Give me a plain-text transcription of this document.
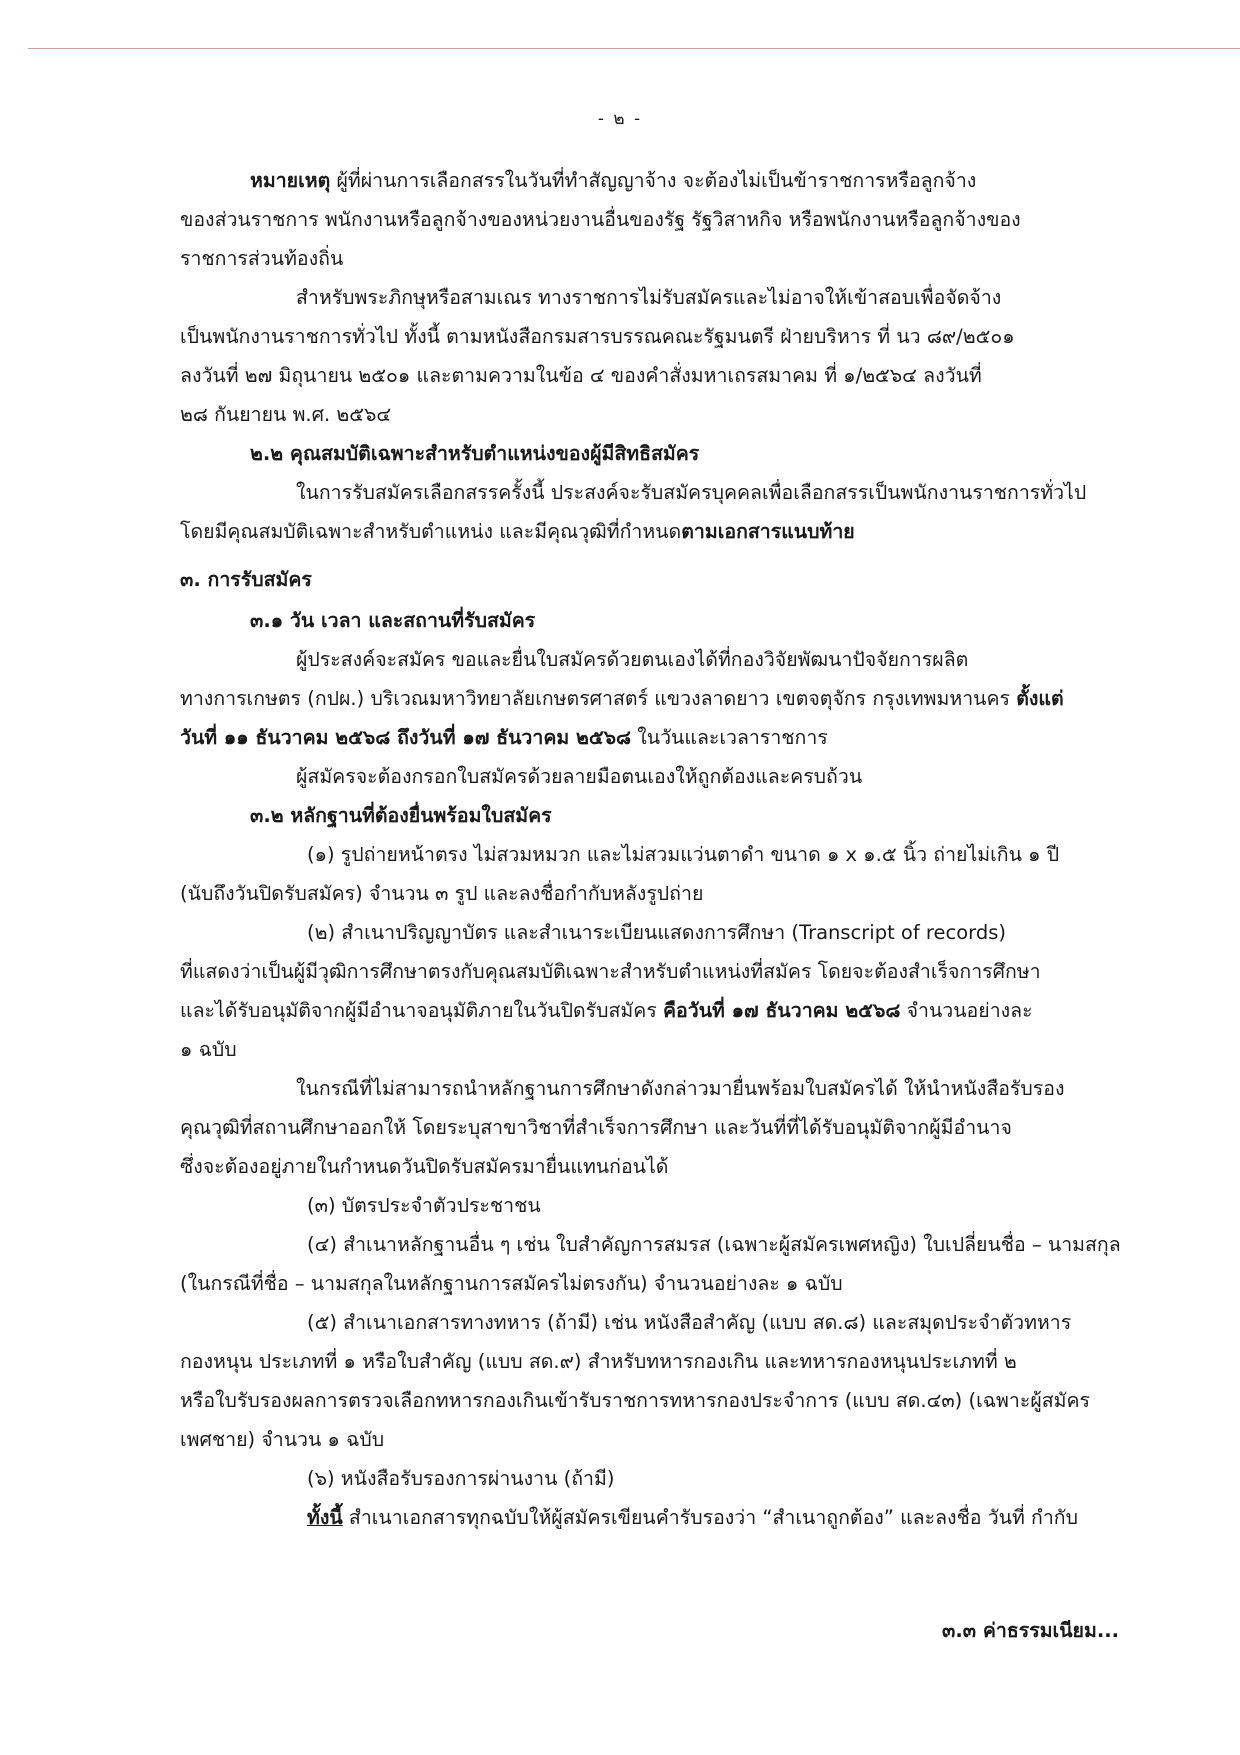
- ๒ -
หมายเหตุ ผู้ที่ผ่านการเลือกสรรในวันที่ทำสัญญาจ้าง จะต้องไม่เป็นข้าราชการหรือลูกจ้าง
ของส่วนราชการ พนักงานหรือลูกจ้างของหน่วยงานอื่นของรัฐ รัฐวิสาหกิจ หรือพนักงานหรือลูกจ้างของ
ราชการส่วนท้องถิ่น
สำหรับพระภิกษุหรือสามเณร ทางราชการไม่รับสมัครและไม่อาจให้เข้าสอบเพื่อจัดจ้าง
เป็นพนักงานราชการทั่วไป ทั้งนี้ ตามหนังสือกรมสารบรรณคณะรัฐมนตรี ฝ่ายบริหาร ที่ นว ๘๙/๒๕๐๑
ลงวันที่ ๒๗ มิถุนายน ๒๕๐๑ และตามความในข้อ ๔ ของคำสั่งมหาเถรสมาคม ที่ ๑/๒๕๖๔ ลงวันที่
๒๘ กันยายน พ.ศ. ๒๕๖๔
๒.๒ คุณสมบัติเฉพาะสำหรับตำแหน่งของผู้มีสิทธิสมัคร
ในการรับสมัครเลือกสรรครั้งนี้ ประสงค์จะรับสมัครบุคคลเพื่อเลือกสรรเป็นพนักงานราชการทั่วไป
โดยมีคุณสมบัติเฉพาะสำหรับตำแหน่ง และมีคุณวุฒิที่กำหนดตามเอกสารแนบท้าย
๓. การรับสมัคร
๓.๑ วัน เวลา และสถานที่รับสมัคร
ผู้ประสงค์จะสมัคร ขอและยื่นใบสมัครด้วยตนเองได้ที่กองวิจัยพัฒนาปัจจัยการผลิต
ทางการเกษตร (กปผ.) บริเวณมหาวิทยาลัยเกษตรศาสตร์ แขวงลาดยาว เขตจตุจักร กรุงเทพมหานคร ตั้งแต่
วันที่ ๑๑ ธันวาคม ๒๕๖๘ ถึงวันที่ ๑๗ ธันวาคม ๒๕๖๘ ในวันและเวลาราชการ
ผู้สมัครจะต้องกรอกใบสมัครด้วยลายมือตนเองให้ถูกต้องและครบถ้วน
๓.๒ หลักฐานที่ต้องยื่นพร้อมใบสมัคร
(๑) รูปถ่ายหน้าตรง ไม่สวมหมวก และไม่สวมแว่นตาดำ ขนาด ๑ x ๑.๕ นิ้ว ถ่ายไม่เกิน ๑ ปี
(นับถึงวันปิดรับสมัคร) จำนวน ๓ รูป และลงชื่อกำกับหลังรูปถ่าย
(๒) สำเนาปริญญาบัตร และสำเนาระเบียนแสดงการศึกษา (Transcript of records)
ที่แสดงว่าเป็นผู้มีวุฒิการศึกษาตรงกับคุณสมบัติเฉพาะสำหรับตำแหน่งที่สมัคร โดยจะต้องสำเร็จการศึกษา
และได้รับอนุมัติจากผู้มีอำนาจอนุมัติภายในวันปิดรับสมัคร คือวันที่ ๑๗ ธันวาคม ๒๕๖๘ จำนวนอย่างละ
๑ ฉบับ
ในกรณีที่ไม่สามารถนำหลักฐานการศึกษาดังกล่าวมายื่นพร้อมใบสมัครได้ ให้นำหนังสือรับรอง
คุณวุฒิที่สถานศึกษาออกให้ โดยระบุสาขาวิชาที่สำเร็จการศึกษา และวันที่ที่ได้รับอนุมัติจากผู้มีอำนาจ
ซึ่งจะต้องอยู่ภายในกำหนดวันปิดรับสมัครมายื่นแทนก่อนได้
(๓) บัตรประจำตัวประชาชน
(๔) สำเนาหลักฐานอื่น ๆ เช่น ใบสำคัญการสมรส (เฉพาะผู้สมัครเพศหญิง) ใบเปลี่ยนชื่อ – นามสกุล
(ในกรณีที่ชื่อ – นามสกุลในหลักฐานการสมัครไม่ตรงกัน) จำนวนอย่างละ ๑ ฉบับ
(๕) สำเนาเอกสารทางทหาร (ถ้ามี) เช่น หนังสือสำคัญ (แบบ สด.๘) และสมุดประจำตัวทหาร
กองหนุน ประเภทที่ ๑ หรือใบสำคัญ (แบบ สด.๙) สำหรับทหารกองเกิน และทหารกองหนุนประเภทที่ ๒
หรือใบรับรองผลการตรวจเลือกทหารกองเกินเข้ารับราชการทหารกองประจำการ (แบบ สด.๔๓) (เฉพาะผู้สมัคร
เพศชาย) จำนวน ๑ ฉบับ
(๖) หนังสือรับรองการผ่านงาน (ถ้ามี)
ทั้งนี้ สำเนาเอกสารทุกฉบับให้ผู้สมัครเขียนคำรับรองว่า “สำเนาถูกต้อง” และลงชื่อ วันที่ กำกับ
๓.๓ ค่าธรรมเนียม...
